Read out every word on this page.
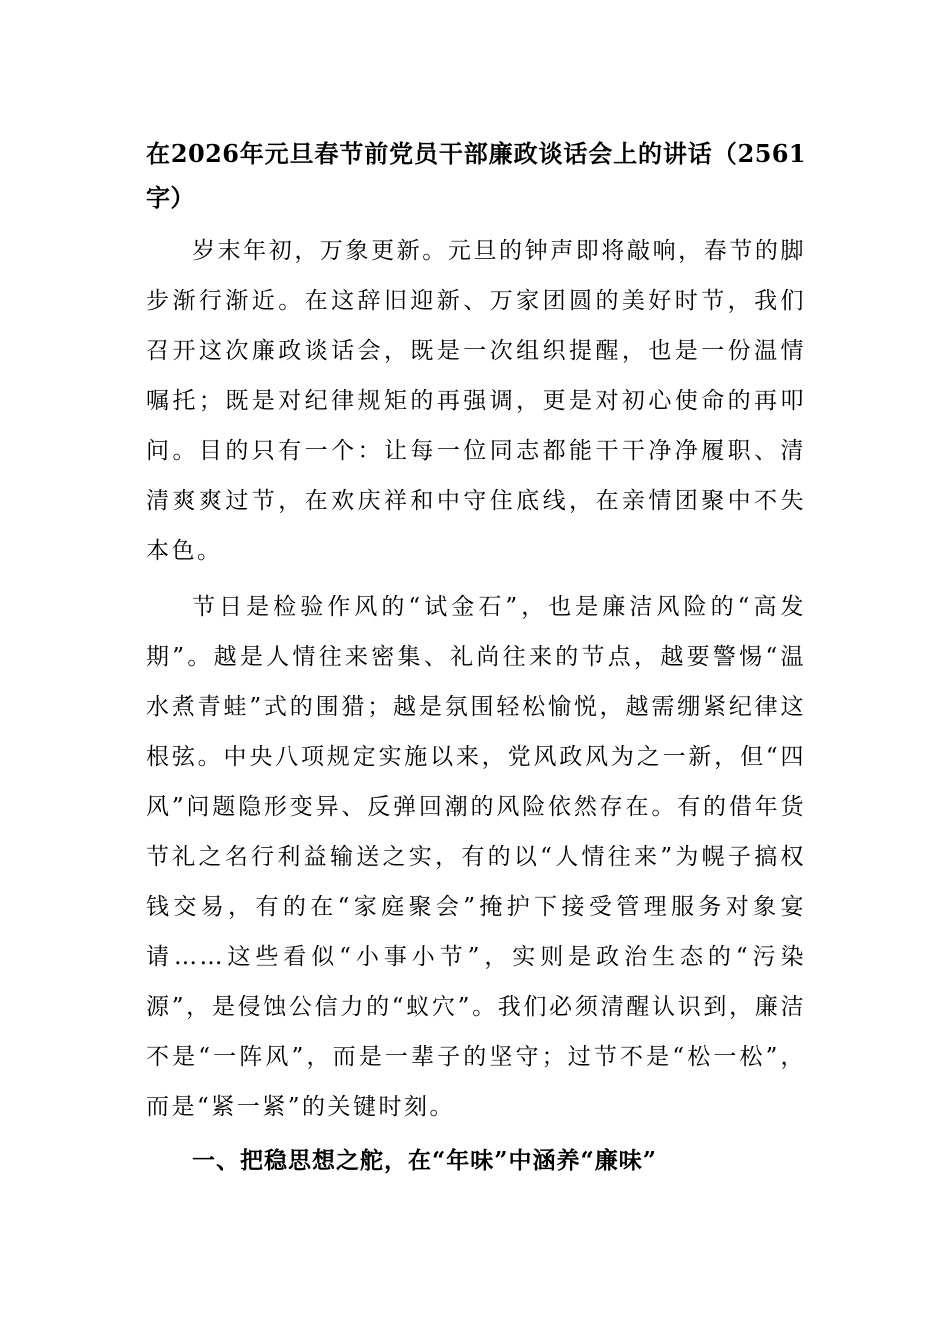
在2026年元旦春节前党员干部廉政谈话会上的讲话（2561字）

岁末年初，万象更新。元旦的钟声即将敲响，春节的脚步渐行渐近。在这辞旧迎新、万家团圆的美好时节，我们召开这次廉政谈话会，既是一次组织提醒，也是一份温情嘱托；既是对纪律规矩的再强调，更是对初心使命的再叩问。目的只有一个：让每一位同志都能干干净净履职、清清爽爽过节，在欢庆祥和中守住底线，在亲情团聚中不失本色。

节日是检验作风的“试金石”，也是廉洁风险的“高发期”。越是人情往来密集、礼尚往来的节点，越要警惕“温水煮青蛙”式的围猎；越是氛围轻松愉悦，越需绷紧纪律这根弦。中央八项规定实施以来，党风政风为之一新，但“四风”问题隐形变异、反弹回潮的风险依然存在。有的借年货节礼之名行利益输送之实，有的以“人情往来”为幌子搞权钱交易，有的在“家庭聚会”掩护下接受管理服务对象宴请……这些看似“小事小节”，实则是政治生态的“污染源”，是侵蚀公信力的“蚁穴”。我们必须清醒认识到，廉洁不是“一阵风”，而是一辈子的坚守；过节不是“松一松”，而是“紧一紧”的关键时刻。

一、把稳思想之舵，在“年味”中涵养“廉味”
